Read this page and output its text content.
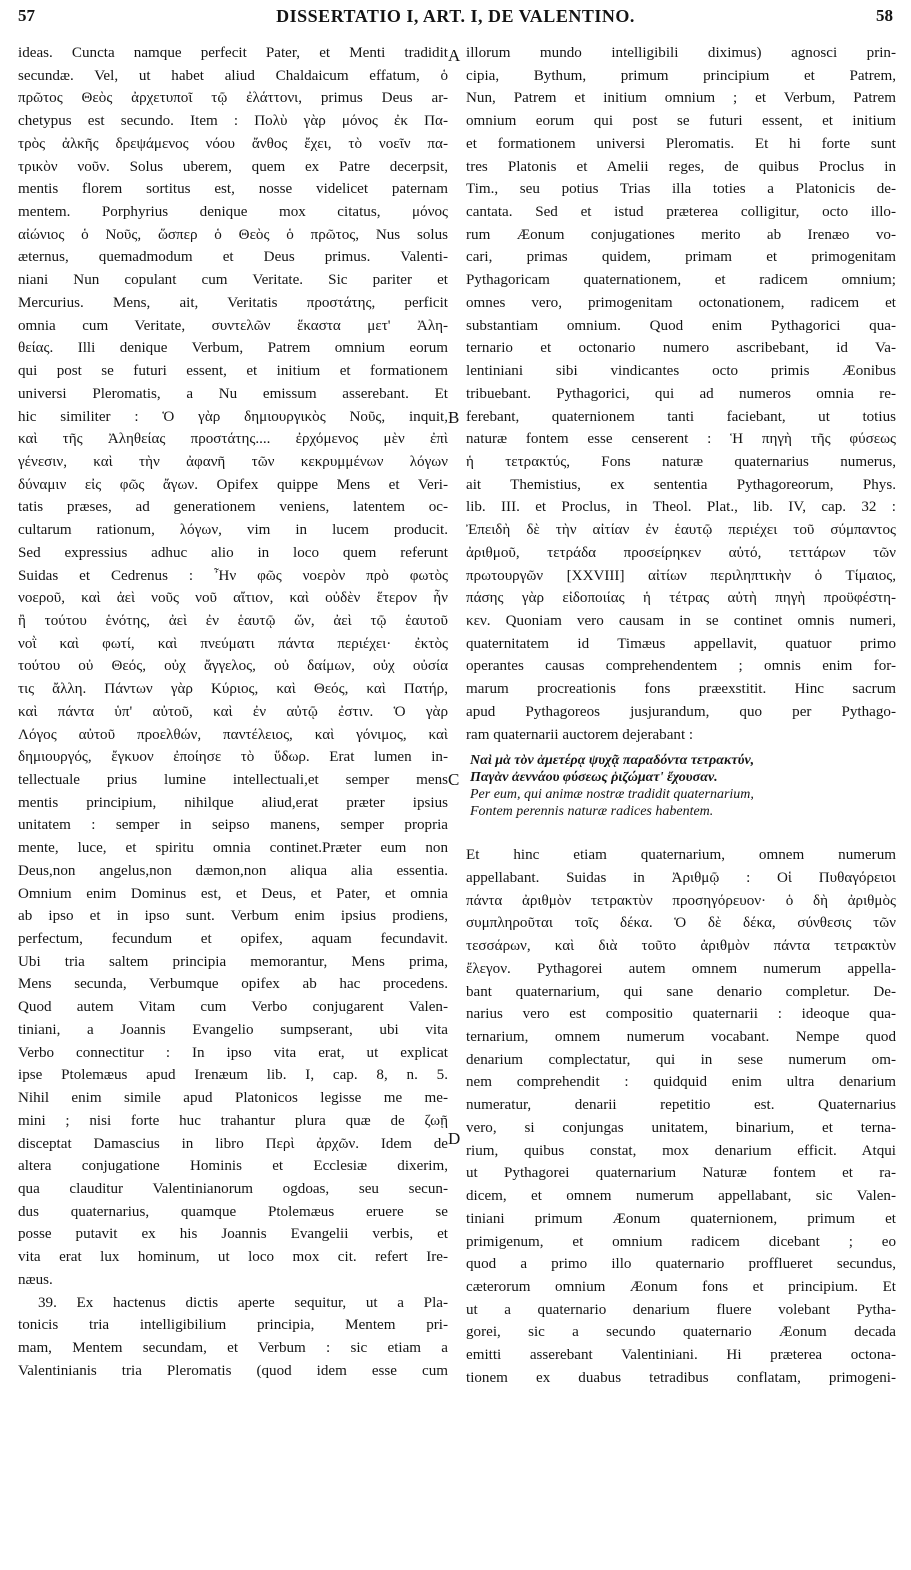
57	DISSERTATIO I, ART. I, DE VALENTINO.	58
A
B
C
D
ideas. Cuncta namque perfecit Pater, et Menti tradidit
secundæ. Vel, ut habet aliud Chaldaicum effatum, ὁ
πρῶτος Θεὸς ἀρχετυποῖ τῷ ἐλάττονι, primus Deus ar-
chetypus est secundo. Item : Πολὺ γὰρ μόνος ἐκ Πα-
τρὸς ἀλκῆς δρεψάμενος νόου ἄνθος ἔχει, τὸ νοεῖν πα-
τρικὸν νοῦν. Solus uberem, quem ex Patre decerpsit,
mentis florem sortitus est, nosse videlicet paternam
mentem. Porphyrius denique mox citatus, μόνος
αἰώνιος ὁ Νοῦς, ὥσπερ ὁ Θεὸς ὁ πρῶτος, Nus solus
æternus, quemadmodum et Deus primus. Valenti-
niani Nun copulant cum Veritate. Sic pariter et
Mercurius. Mens, ait, Veritatis προστάτης, perficit
omnia cum Veritate, συντελῶν ἕκαστα μετ' Ἀλη-
θείας. Illi denique Verbum, Patrem omnium eorum
qui post se futuri essent, et initium et formationem
universi Pleromatis, a Nu emissum asserebant. Et
hic similiter : Ὁ γὰρ δημιουργικὸς Νοῦς, inquit,
καὶ τῆς Ἀληθείας προστάτης.... ἐρχόμενος μὲν ἐπὶ
γένεσιν, καὶ τὴν ἀφανῆ τῶν κεκρυμμένων λόγων
δύναμιν εἰς φῶς ἄγων. Opifex quippe Mens et Veri-
tatis præses, ad generationem veniens, latentem oc-
cultarum rationum, λόγων, vim in lucem producit.
Sed expressius adhuc alio in loco quem referunt
Suidas et Cedrenus : Ἦν φῶς νοερὸν πρὸ φωτὸς
νοεροῦ, καὶ ἀεὶ νοῦς νοῦ αἴτιον, καὶ οὐδὲν ἕτερον ἦν
ἢ τούτου ἑνότης, ἀεὶ ἐν ἑαυτῷ ὤν, ἀεὶ τῷ ἑαυτοῦ
νοῒ καὶ φωτί, καὶ πνεύματι πάντα περιέχει· ἐκτὸς
τούτου οὐ Θεός, οὐχ ἄγγελος, οὐ δαίμων, οὐχ οὐσία
τις ἄλλη. Πάντων γὰρ Κύριος, καὶ Θεός, καὶ Πατήρ,
καὶ πάντα ὑπ' αὐτοῦ, καὶ ἐν αὐτῷ ἐστιν. Ὁ γὰρ
Λόγος αὐτοῦ προελθών, παντέλειος, καὶ γόνιμος, καὶ
δημιουργός, ἔγκυον ἐποίησε τὸ ὕδωρ. Erat lumen in-
tellectuale prius lumine intellectuali,et semper mens
mentis principium, nihilque aliud,erat præter ipsius
unitatem : semper in seipso manens, semper propria
mente, luce, et spiritu omnia continet.Præter eum non
Deus,non angelus,non dæmon,non aliqua alia essentia.
Omnium enim Dominus est, et Deus, et Pater, et omnia
ab ipso et in ipso sunt. Verbum enim ipsius prodiens,
perfectum, fecundum et opifex, aquam fecundavit.
Ubi tria saltem principia memorantur, Mens prima,
Mens secunda, Verbumque opifex ab hac procedens.
Quod autem Vitam cum Verbo conjugarent Valen-
tiniani, a Joannis Evangelio sumpserant, ubi vita
Verbo connectitur : In ipso vita erat, ut explicat
ipse Ptolemæus apud Irenæum lib. I, cap. 8, n. 5.
Nihil enim simile apud Platonicos legisse me me-
mini ; nisi forte huc trahantur plura quæ de ζωῇ
disceptat Damascius in libro Περὶ ἀρχῶν. Idem de
altera conjugatione Hominis et Ecclesiæ dixerim,
qua clauditur Valentinianorum ogdoas, seu secun-
dus quaternarius, quamque Ptolemæus eruere se
posse putavit ex his Joannis Evangelii verbis, et
vita erat lux hominum, ut loco mox cit. refert Ire-
næus.
39. Ex hactenus dictis aperte sequitur, ut a Pla-
tonicis tria intelligibilium principia, Mentem pri-
mam, Mentem secundam, et Verbum : sic etiam a
Valentinianis tria Pleromatis (quod idem esse cum
illorum mundo intelligibili diximus) agnosci prin-
cipia, Bythum, primum principium et Patrem,
Nun, Patrem et initium omnium ; et Verbum, Patrem
omnium eorum qui post se futuri essent, et initium
et formationem universi Pleromatis. Et hi forte sunt
tres Platonis et Amelii reges, de quibus Proclus in
Tim., seu potius Trias illa toties a Platonicis de-
cantata. Sed et istud præterea colligitur, octo illo-
rum Æonum conjugationes merito ab Irenæo vo-
cari, primas quidem, primam et primogenitam
Pythagoricam quaternationem, et radicem omnium;
omnes vero, primogenitam octonationem, radicem et
substantiam omnium. Quod enim Pythagorici qua-
ternario et octonario numero ascribebant, id Va-
lentiniani sibi vindicantes octo primis Æonibus
tribuebant. Pythagorici, qui ad numeros omnia re-
ferebant, quaternionem tanti faciebant, ut totius
naturæ fontem esse censerent : Ἡ πηγὴ τῆς φύσεως
ἡ τετρακτύς, Fons naturæ quaternarius numerus,
ait Themistius, ex sententia Pythagoreorum, Phys.
lib. III. et Proclus, in Theol. Plat., lib. IV, cap. 32 :
Ἐπειδὴ δὲ τὴν αἰτίαν ἐν ἑαυτῷ περιέχει τοῦ σύμπαντος
ἀριθμοῦ, τετράδα προσείρηκεν αὐτό, τεττάρων τῶν
πρωτουργῶν [XXVIII] αἰτίων περιληπτικὴν ὁ Τίμαιος,
πάσης γὰρ εἰδοποιίας ἡ τέτρας αὐτὴ πηγὴ προϋφέστη-
κεν. Quoniam vero causam in se continet omnis numeri,
quaternitatem id Timæus appellavit, quatuor primo
operantes causas comprehendentem ; omnis enim for-
marum procreationis fons præexstitit. Hinc sacrum
apud Pythagoreos jusjurandum, quo per Pythago-
ram quaternarii auctorem dejerabant :
Ναὶ μὰ τὸν ἁμετέρᾳ ψυχᾷ παραδόντα τετρακτύν,
Παγὰν ἀεννάου φύσεως ῥιζώματ' ἔχουσαν.
Per eum, qui animæ nostræ tradidit quaternarium,
Fontem perennis naturæ radices habentem.
Et hinc etiam quaternarium, omnem numerum
appellabant. Suidas in Ἀριθμῷ : Οἱ Πυθαγόρειοι
πάντα ἀριθμὸν τετρακτὺν προσηγόρευον· ὁ δὴ ἀριθμὸς
συμπληροῦται τοῖς δέκα. Ὁ δὲ δέκα, σύνθεσις τῶν
τεσσάρων, καὶ διὰ τοῦτο ἀριθμὸν πάντα τετρακτὺν
ἔλεγον. Pythagorei autem omnem numerum appella-
bant quaternarium, qui sane denario completur. De-
narius vero est compositio quaternarii : ideoque qua-
ternarium, omnem numerum vocabant. Nempe quod
denarium complectatur, qui in sese numerum om-
nem comprehendit : quidquid enim ultra denarium
numeratur, denarii repetitio est. Quaternarius
vero, si conjungas unitatem, binarium, et terna-
rium, quibus constat, mox denarium efficit. Atqui
ut Pythagorei quaternarium Naturæ fontem et ra-
dicem, et omnem numerum appellabant, sic Valen-
tiniani primum Æonum quaternionem, primum et
primigenum, et omnium radicem dicebant ; eo
quod a primo illo quaternario profflueret secundus,
cæterorum omnium Æonum fons et principium. Et
ut a quaternario denarium fluere volebant Pytha-
gorei, sic a secundo quaternario Æonum decada
emitti asserebant Valentiniani. Hi præterea octona-
tionem ex duabus tetradibus conflatam, primogeni-
